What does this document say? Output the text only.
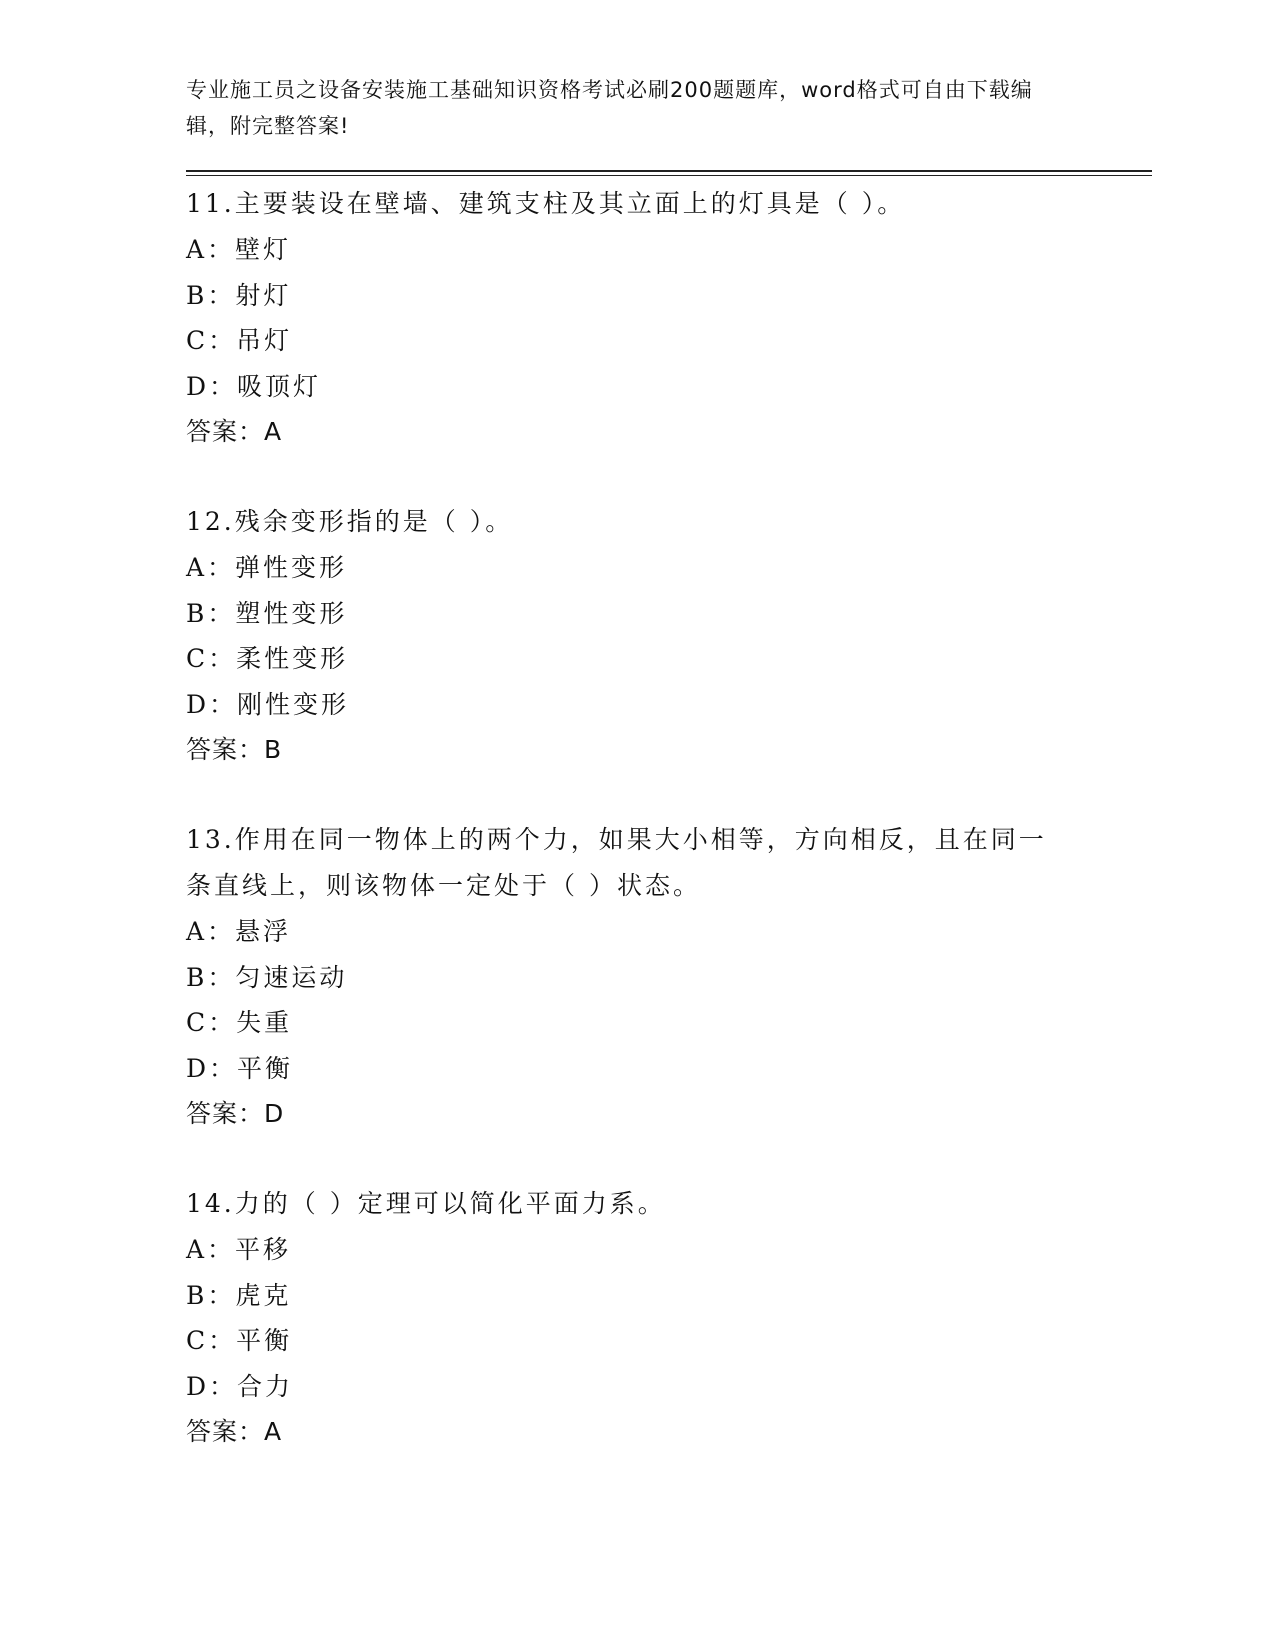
专业施工员之设备安装施工基础知识资格考试必刷200题题库，word格式可自由下载编辑，附完整答案!
11.主要装设在壁墙、建筑支柱及其立面上的灯具是（ ）。
A：壁灯
B：射灯
C：吊灯
D：吸顶灯
答案：A
12.残余变形指的是（ ）。
A：弹性变形
B：塑性变形
C：柔性变形
D：刚性变形
答案：B
13.作用在同一物体上的两个力，如果大小相等，方向相反，且在同一条直线上，则该物体一定处于（ ）状态。
A：悬浮
B：匀速运动
C：失重
D：平衡
答案：D
14.力的（ ）定理可以简化平面力系。
A：平移
B：虎克
C：平衡
D：合力
答案：A
